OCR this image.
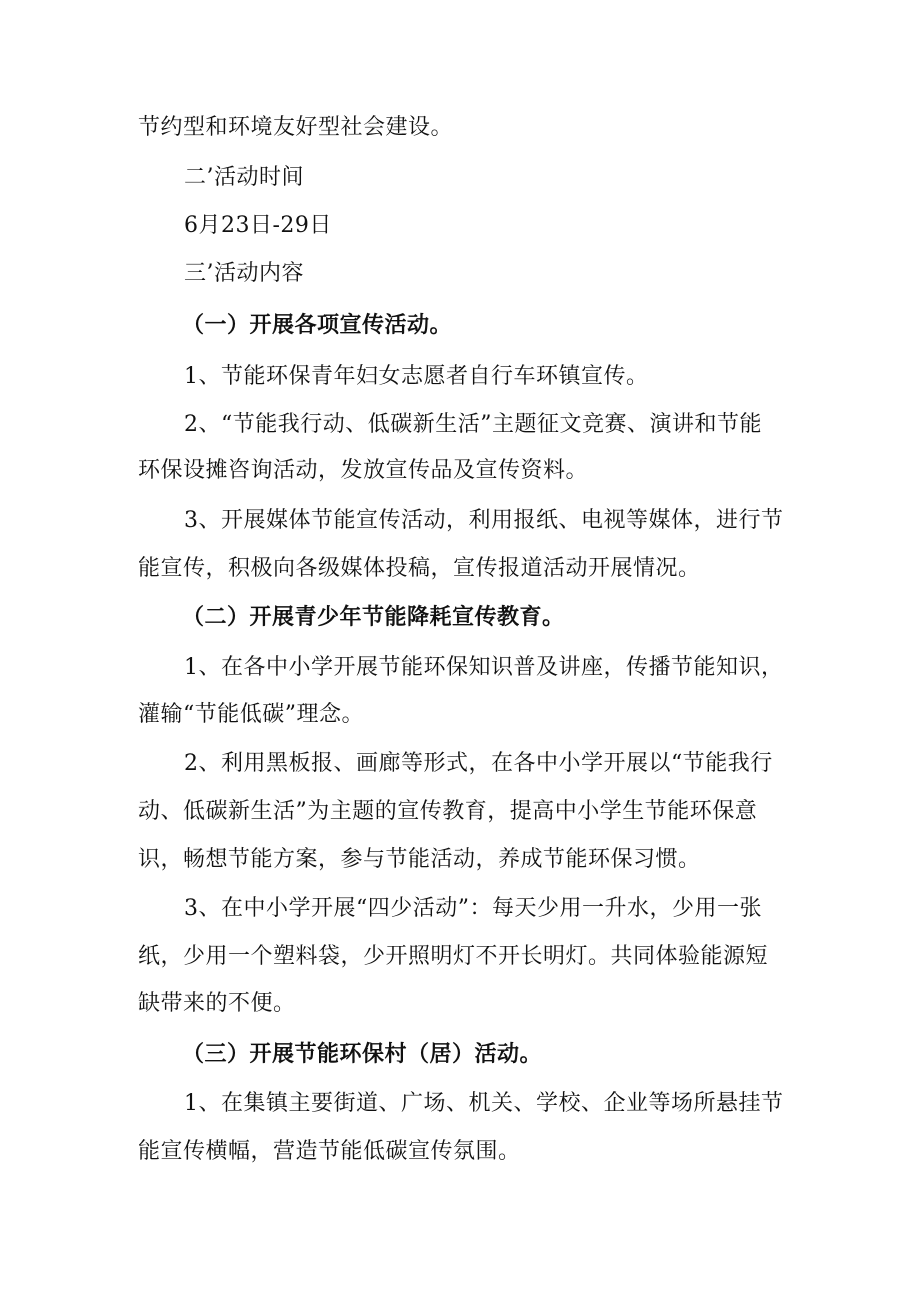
节约型和环境友好型社会建设。
二’活动时间
6月23日-29日
三’活动内容
（一）开展各项宣传活动。
1、节能环保青年妇女志愿者自行车环镇宣传。
2、“节能我行动、低碳新生活”主题征文竞赛、演讲和节能
环保设摊咨询活动，发放宣传品及宣传资料。
3、开展媒体节能宣传活动，利用报纸、电视等媒体，进行节
能宣传，积极向各级媒体投稿，宣传报道活动开展情况。
（二）开展青少年节能降耗宣传教育。
1、在各中小学开展节能环保知识普及讲座，传播节能知识，
灌输“节能低碳”理念。
2、利用黑板报、画廊等形式，在各中小学开展以“节能我行
动、低碳新生活”为主题的宣传教育，提高中小学生节能环保意
识，畅想节能方案，参与节能活动，养成节能环保习惯。
3、在中小学开展“四少活动”：每天少用一升水，少用一张
纸，少用一个塑料袋，少开照明灯不开长明灯。共同体验能源短
缺带来的不便。
（三）开展节能环保村（居）活动。
1、在集镇主要街道、广场、机关、学校、企业等场所悬挂节
能宣传横幅，营造节能低碳宣传氛围。
